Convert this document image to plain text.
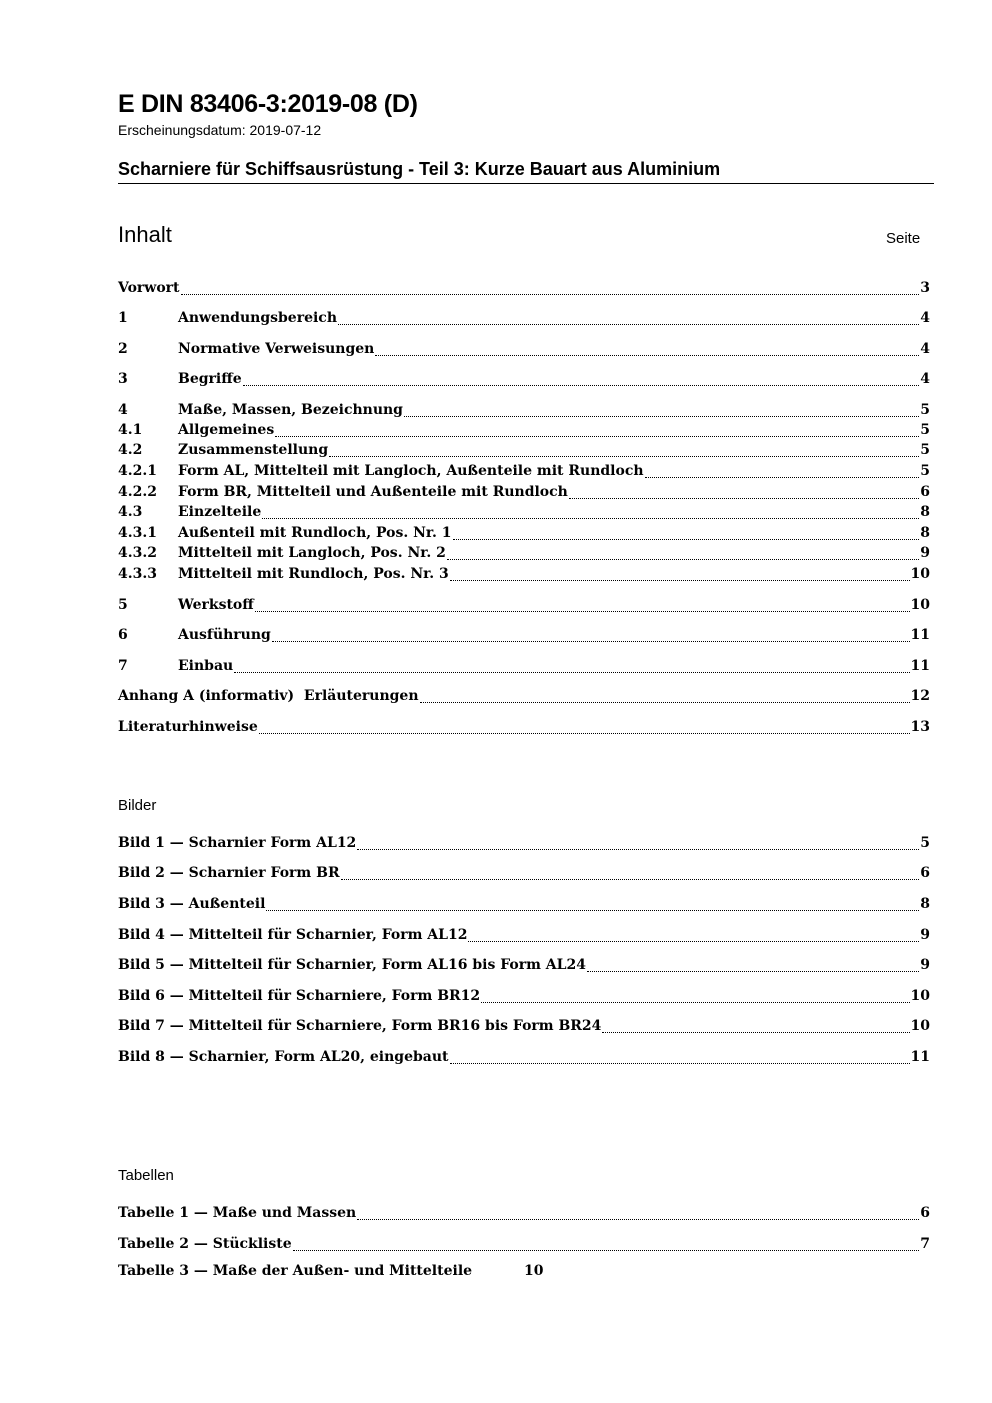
E DIN 83406-3:2019-08 (D)
Erscheinungsdatum: 2019-07-12
Scharniere für Schiffsausrüstung - Teil 3: Kurze Bauart aus Aluminium
Inhalt	Seite
Vorwort	3
1	Anwendungsbereich	4
2	Normative Verweisungen	4
3	Begriffe	4
4	Maße, Massen, Bezeichnung	5
4.1	Allgemeines	5
4.2	Zusammenstellung	5
4.2.1	Form AL, Mittelteil mit Langloch, Außenteile mit Rundloch	5
4.2.2	Form BR, Mittelteil und Außenteile mit Rundloch	6
4.3	Einzelteile	8
4.3.1	Außenteil mit Rundloch, Pos. Nr. 1	8
4.3.2	Mittelteil mit Langloch, Pos. Nr. 2	9
4.3.3	Mittelteil mit Rundloch, Pos. Nr. 3	10
5	Werkstoff	10
6	Ausführung	11
7	Einbau	11
Anhang A (informativ)  Erläuterungen	12
Literaturhinweise	13
Bilder
Bild 1 — Scharnier Form AL12	5
Bild 2 — Scharnier Form BR	6
Bild 3 — Außenteil	8
Bild 4 — Mittelteil für Scharnier, Form AL12	9
Bild 5 — Mittelteil für Scharnier, Form AL16 bis Form AL24	9
Bild 6 — Mittelteil für Scharniere, Form BR12	10
Bild 7 — Mittelteil für Scharniere, Form BR16 bis Form BR24	10
Bild 8 — Scharnier, Form AL20, eingebaut	11
Tabellen
Tabelle 1 — Maße und Massen	6
Tabelle 2 — Stückliste	7
Tabelle 3 — Maße der Außen- und Mittelteile	10
